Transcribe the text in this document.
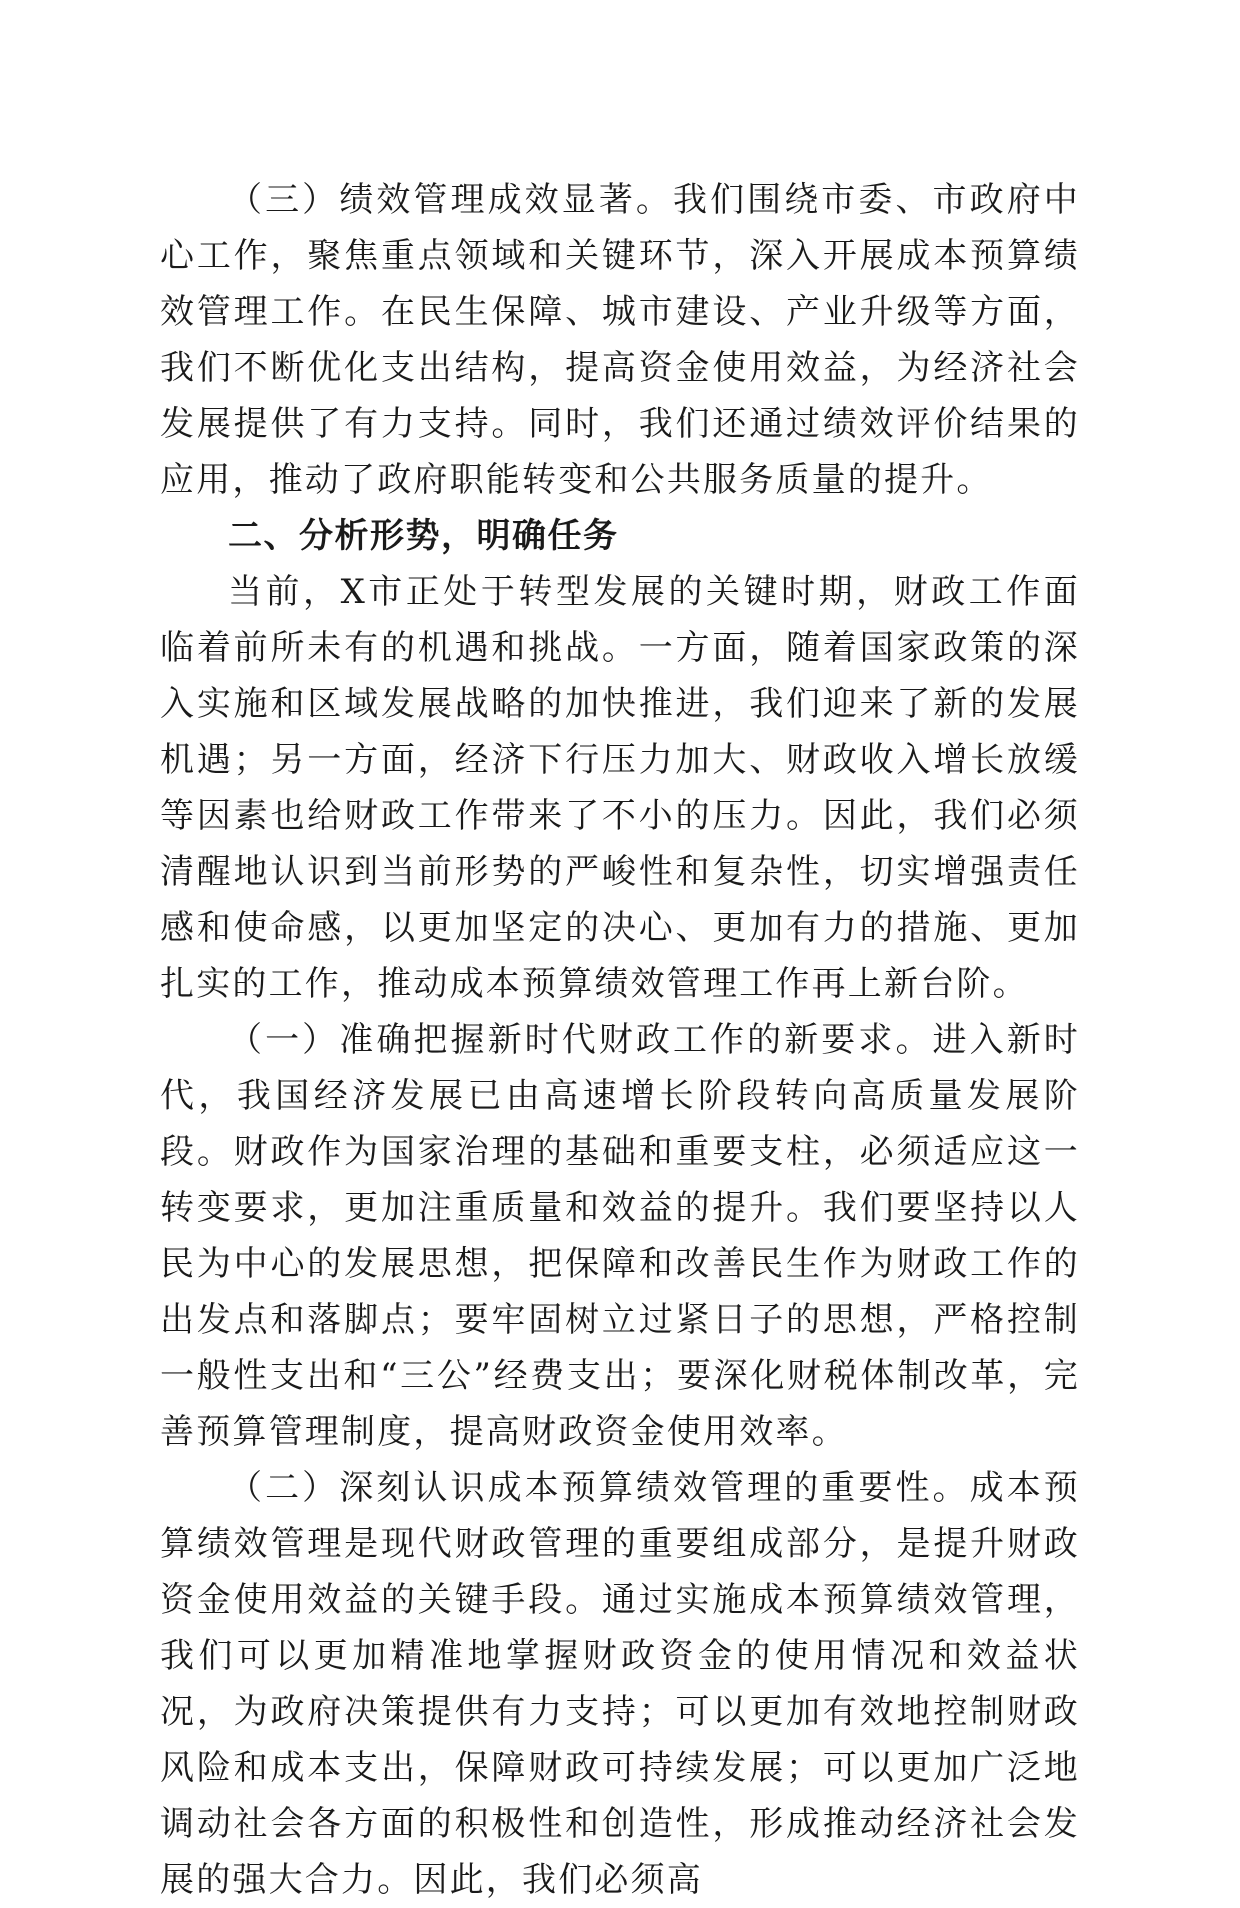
（三）绩效管理成效显著。我们围绕市委、市政府中心工作，聚焦重点领域和关键环节，深入开展成本预算绩效管理工作。在民生保障、城市建设、产业升级等方面，我们不断优化支出结构，提高资金使用效益，为经济社会发展提供了有力支持。同时，我们还通过绩效评价结果的应用，推动了政府职能转变和公共服务质量的提升。

二、分析形势，明确任务

当前，X市正处于转型发展的关键时期，财政工作面临着前所未有的机遇和挑战。一方面，随着国家政策的深入实施和区域发展战略的加快推进，我们迎来了新的发展机遇；另一方面，经济下行压力加大、财政收入增长放缓等因素也给财政工作带来了不小的压力。因此，我们必须清醒地认识到当前形势的严峻性和复杂性，切实增强责任感和使命感，以更加坚定的决心、更加有力的措施、更加扎实的工作，推动成本预算绩效管理工作再上新台阶。

（一）准确把握新时代财政工作的新要求。进入新时代，我国经济发展已由高速增长阶段转向高质量发展阶段。财政作为国家治理的基础和重要支柱，必须适应这一转变要求，更加注重质量和效益的提升。我们要坚持以人民为中心的发展思想，把保障和改善民生作为财政工作的出发点和落脚点；要牢固树立过紧日子的思想，严格控制一般性支出和“三公”经费支出；要深化财税体制改革，完善预算管理制度，提高财政资金使用效率。

（二）深刻认识成本预算绩效管理的重要性。成本预算绩效管理是现代财政管理的重要组成部分，是提升财政资金使用效益的关键手段。通过实施成本预算绩效管理，我们可以更加精准地掌握财政资金的使用情况和效益状况，为政府决策提供有力支持；可以更加有效地控制财政风险和成本支出，保障财政可持续发展；可以更加广泛地调动社会各方面的积极性和创造性，形成推动经济社会发展的强大合力。因此，我们必须高
